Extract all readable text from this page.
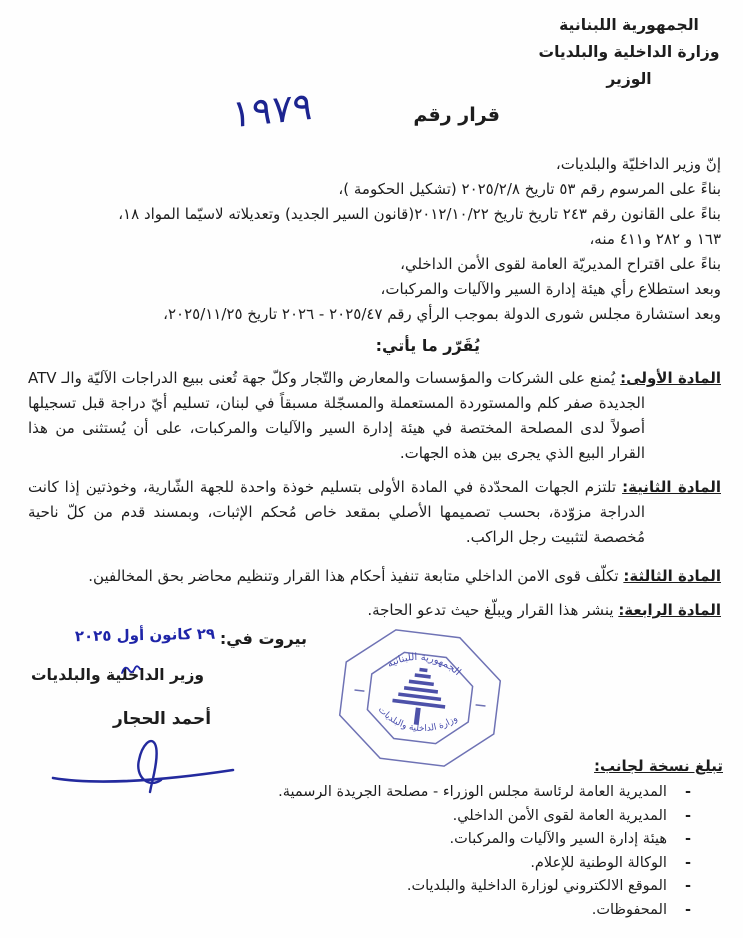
الجمهورية اللبنانية
وزارة الداخلية والبلديات
الوزير
قرار رقم
١٩٧٩
إنّ وزير الداخليّة والبلديات،
بناءً على المرسوم رقم ٥٣ تاريخ ٢٠٢٥/٢/٨ (تشكيل الحكومة )،
بناءً على القانون رقم ٢٤٣ تاريخ تاريخ ٢٠١٢/١٠/٢٢(قانون السير الجديد) وتعديلاته لاسيّما المواد ١٨،
١٦٣ و ٢٨٢ و٤١١ منه،
بناءً على اقتراح المديريّة العامة لقوى الأمن الداخلي،
وبعد استطلاع رأي هيئة إدارة السير والآليات والمركبات،
وبعد استشارة مجلس شورى الدولة بموجب الرأي رقم ٢٠٢٥/٤٧ - ٢٠٢٦ تاريخ ٢٠٢٥/١١/٢٥،
يُقَرّر ما يأتي:
المادة الأولى: يُمنع على الشركات والمؤسسات والمعارض والتّجار وكلّ جهة تُعنى ببيع الدراجات الآليّة والـ ATV الجديدة صفر كلم والمستوردة المستعملة والمسجّلة مسبقاً في لبنان، تسليم أيّ دراجة قبل تسجيلها أصولاً لدى المصلحة المختصة في هيئة إدارة السير والآليات والمركبات، على أن يُستثنى من هذا القرار البيع الذي يجرى بين هذه الجهات.
المادة الثانية: تلتزم الجهات المحدّدة في المادة الأولى بتسليم خوذة واحدة للجهة الشّارية، وخوذتين إذا كانت الدراجة مزوّدة، بحسب تصميمها الأصلي بمقعد خاص مُحكم الإثبات، وبمسند قدم من كلّ ناحية مُخصصة لتثبيت رجل الراكب.
المادة الثالثة: تكلّف قوى الامن الداخلي متابعة تنفيذ أحكام هذا القرار وتنظيم محاضر بحق المخالفين.
المادة الرابعة: ينشر هذا القرار ويبلّغ حيث تدعو الحاجة.
بيروت في:
٢٩ كانون أول ٢٠٢٥
الجمهورية اللبنانية
وزارة الداخلية والبلديات
وزير الداخلية والبلديات
أحمد الحجار
تبلغ نسخة لجانب:
-
المديرية العامة لرئاسة مجلس الوزراء - مصلحة الجريدة الرسمية.
-
المديرية العامة لقوى الأمن الداخلي.
-
هيئة إدارة السير والآليات والمركبات.
-
الوكالة الوطنية للإعلام.
-
الموقع الالكتروني لوزارة الداخلية والبلديات.
-
المحفوظات.
